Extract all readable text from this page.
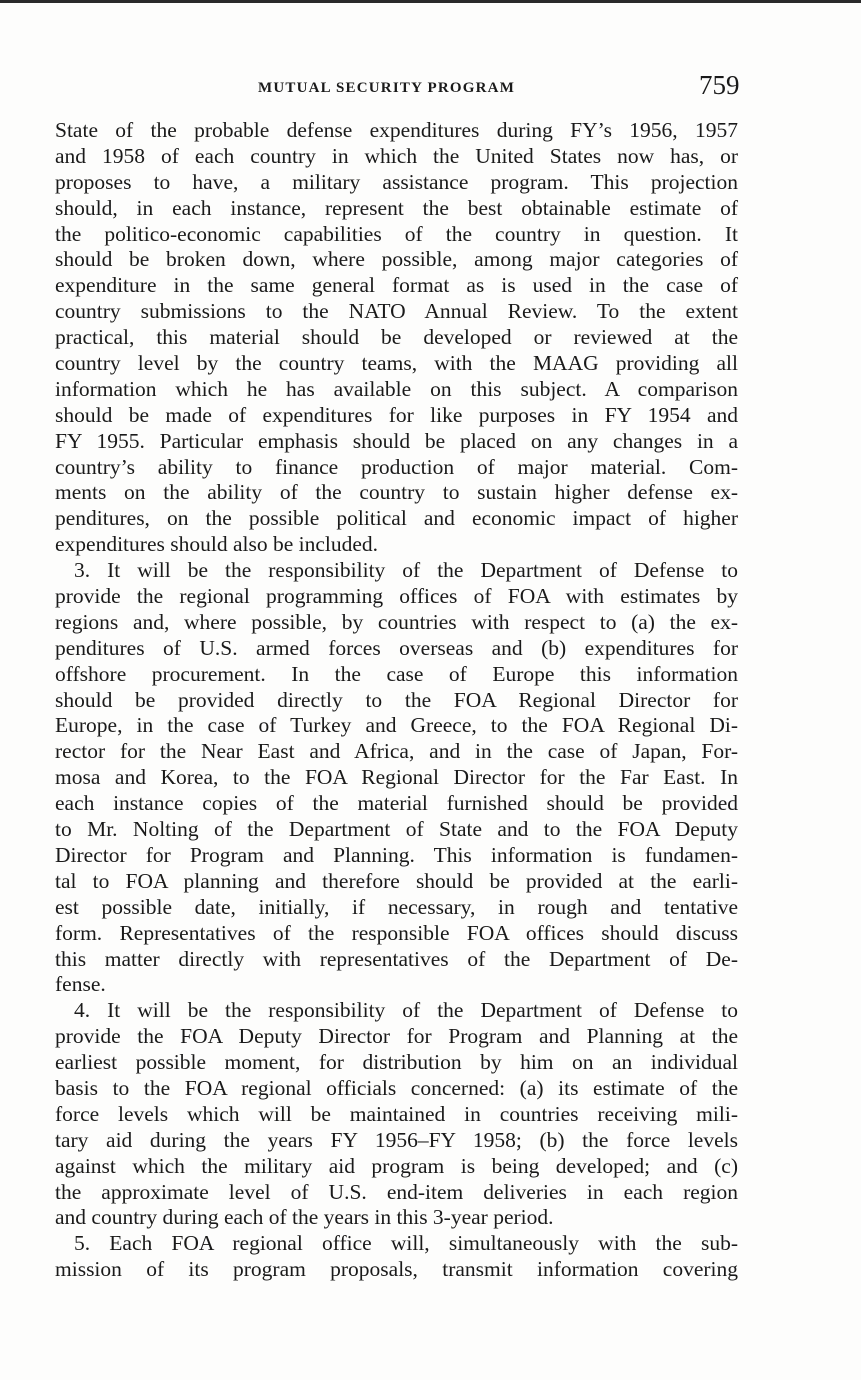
MUTUAL SECURITY PROGRAM	759
State of the probable defense expenditures during FY’s 1956, 1957
and 1958 of each country in which the United States now has, or
proposes to have, a military assistance program. This projection
should, in each instance, represent the best obtainable estimate of
the politico-economic capabilities of the country in question. It
should be broken down, where possible, among major categories of
expenditure in the same general format as is used in the case of
country submissions to the NATO Annual Review. To the extent
practical, this material should be developed or reviewed at the
country level by the country teams, with the MAAG providing all
information which he has available on this subject. A comparison
should be made of expenditures for like purposes in FY 1954 and
FY 1955. Particular emphasis should be placed on any changes in a
country’s ability to finance production of major material. Com-
ments on the ability of the country to sustain higher defense ex-
penditures, on the possible political and economic impact of higher
expenditures should also be included.
3. It will be the responsibility of the Department of Defense to
provide the regional programming offices of FOA with estimates by
regions and, where possible, by countries with respect to (a) the ex-
penditures of U.S. armed forces overseas and (b) expenditures for
offshore procurement. In the case of Europe this information
should be provided directly to the FOA Regional Director for
Europe, in the case of Turkey and Greece, to the FOA Regional Di-
rector for the Near East and Africa, and in the case of Japan, For-
mosa and Korea, to the FOA Regional Director for the Far East. In
each instance copies of the material furnished should be provided
to Mr. Nolting of the Department of State and to the FOA Deputy
Director for Program and Planning. This information is fundamen-
tal to FOA planning and therefore should be provided at the earli-
est possible date, initially, if necessary, in rough and tentative
form. Representatives of the responsible FOA offices should discuss
this matter directly with representatives of the Department of De-
fense.
4. It will be the responsibility of the Department of Defense to
provide the FOA Deputy Director for Program and Planning at the
earliest possible moment, for distribution by him on an individual
basis to the FOA regional officials concerned: (a) its estimate of the
force levels which will be maintained in countries receiving mili-
tary aid during the years FY 1956–FY 1958; (b) the force levels
against which the military aid program is being developed; and (c)
the approximate level of U.S. end-item deliveries in each region
and country during each of the years in this 3-year period.
5. Each FOA regional office will, simultaneously with the sub-
mission of its program proposals, transmit information covering
